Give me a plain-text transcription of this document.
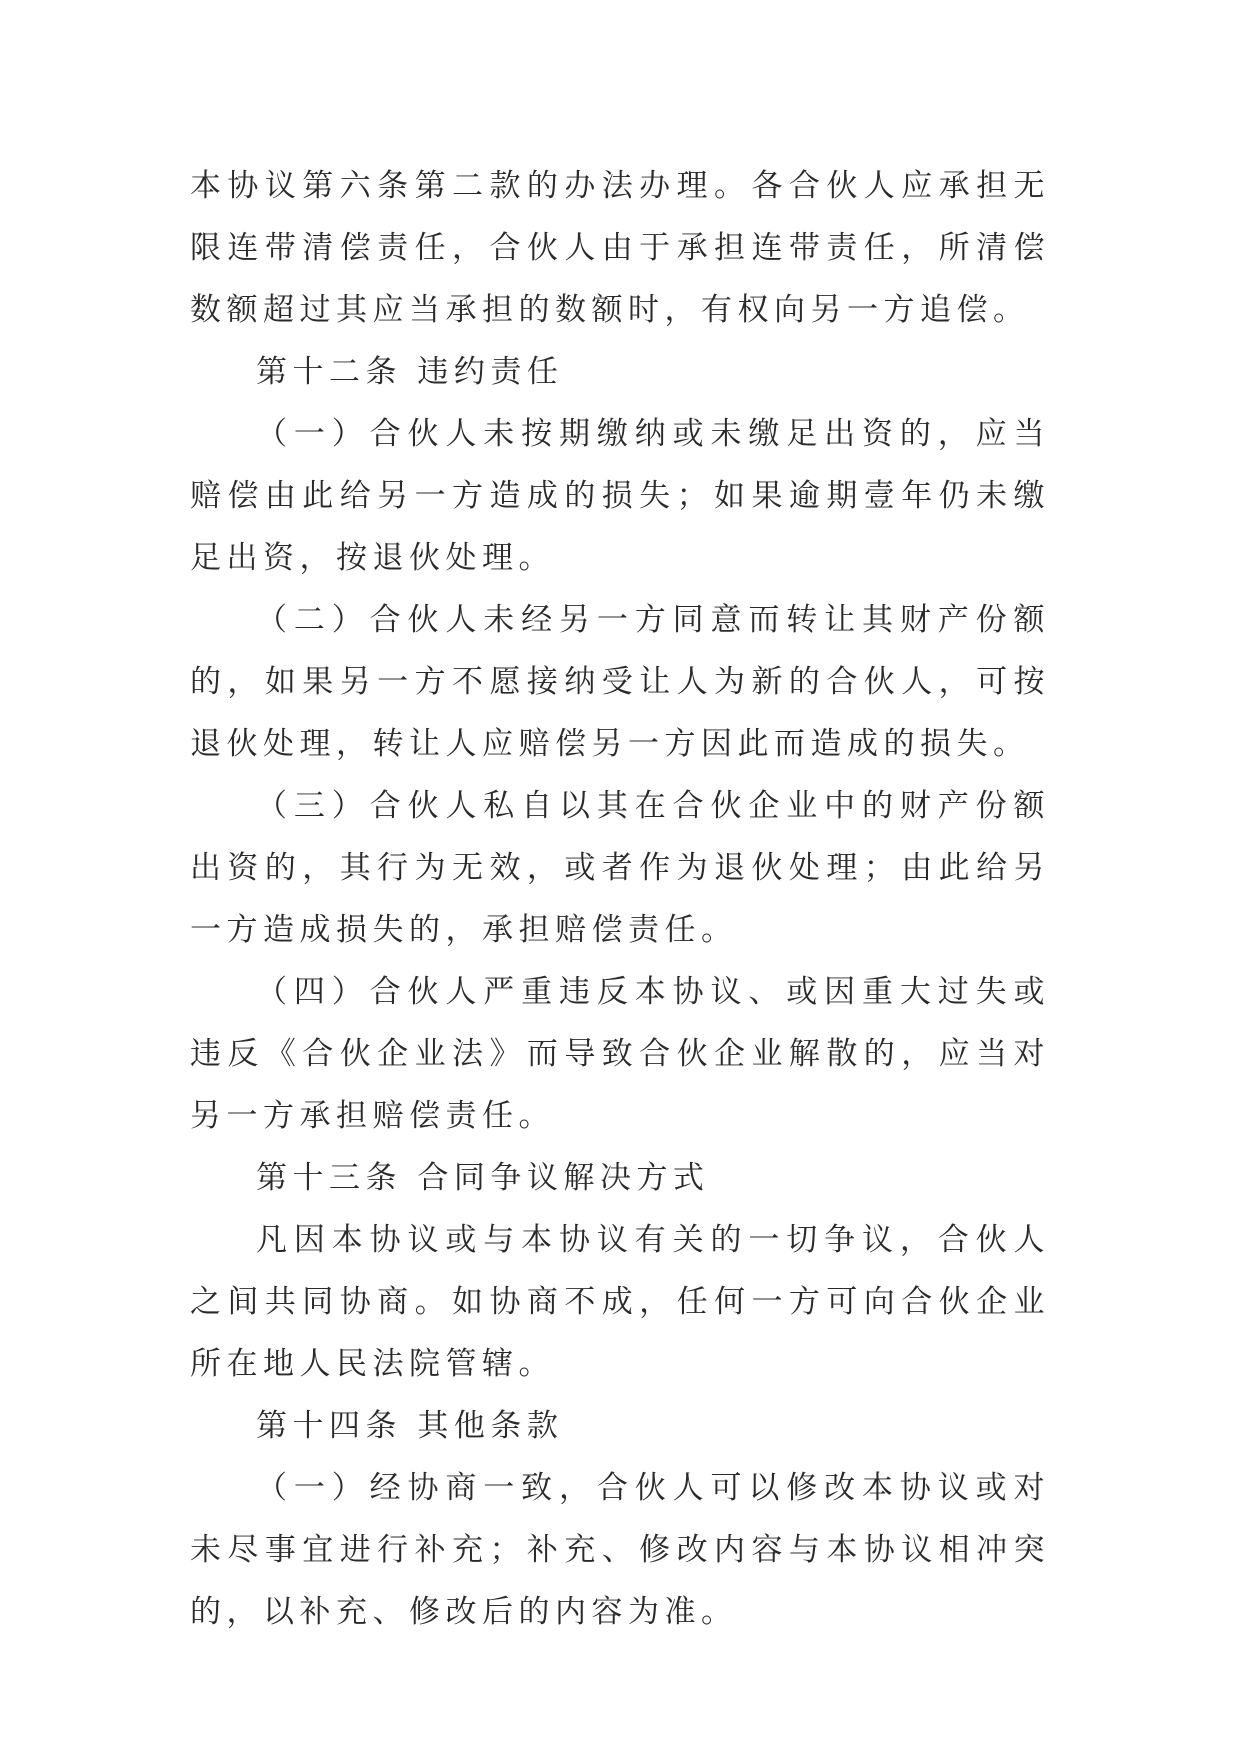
本协议第六条第二款的办法办理。各合伙人应承担无限连带清偿责任，合伙人由于承担连带责任，所清偿数额超过其应当承担的数额时，有权向另一方追偿。

第十二条 违约责任

（一）合伙人未按期缴纳或未缴足出资的，应当赔偿由此给另一方造成的损失；如果逾期壹年仍未缴足出资，按退伙处理。

（二）合伙人未经另一方同意而转让其财产份额的，如果另一方不愿接纳受让人为新的合伙人，可按退伙处理，转让人应赔偿另一方因此而造成的损失。

（三）合伙人私自以其在合伙企业中的财产份额出资的，其行为无效，或者作为退伙处理；由此给另一方造成损失的，承担赔偿责任。

（四）合伙人严重违反本协议、或因重大过失或违反《合伙企业法》而导致合伙企业解散的，应当对另一方承担赔偿责任。

第十三条 合同争议解决方式

凡因本协议或与本协议有关的一切争议，合伙人之间共同协商。如协商不成，任何一方可向合伙企业所在地人民法院管辖。

第十四条 其他条款

（一）经协商一致，合伙人可以修改本协议或对未尽事宜进行补充；补充、修改内容与本协议相冲突的，以补充、修改后的内容为准。
